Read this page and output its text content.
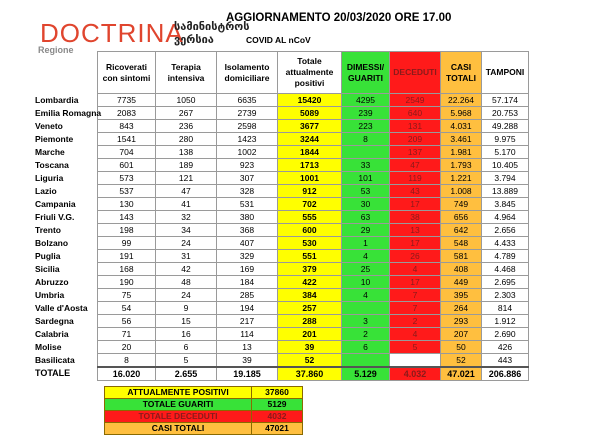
DOCTRINA
სამინისტროს
ვერსია
AGGIORNAMENTO 20/03/2020 ORE 17.00
COVID AL nCoV
Regione
	Ricoverati con sintomi	Terapia intensiva	Isolamento domiciliare	Totale attualmente positivi	DIMESSI/ GUARITI	DECEDUTI	CASI TOTALI	TAMPONI

Lombardia	7735	1050	6635	15420	4295	2549	22.264	57.174

Emilia Romagna	2083	267	2739	5089	239	640	5.968	20.753

Veneto	843	236	2598	3677	223	131	4.031	49.288

Piemonte	1541	280	1423	3244	8	209	3.461	9.975

Marche	704	138	1002	1844		137	1.981	5.170

Toscana	601	189	923	1713	33	47	1.793	10.405

Liguria	573	121	307	1001	101	119	1.221	3.794

Lazio	537	47	328	912	53	43	1.008	13.889

Campania	130	41	531	702	30	17	749	3.845

Friuli V.G.	143	32	380	555	63	38	656	4.964

Trento	198	34	368	600	29	13	642	2.656

Bolzano	99	24	407	530	1	17	548	4.433

Puglia	191	31	329	551	4	26	581	4.789

Sicilia	168	42	169	379	25	4	408	4.468

Abruzzo	190	48	184	422	10	17	449	2.695

Umbria	75	24	285	384	4	7	395	2.303

Valle d'Aosta	54	9	194	257		7	264	814

Sardegna	56	15	217	288	3	2	293	1.912

Calabria	71	16	114	201	2	4	207	2.690

Molise	20	6	13	39	6	5	50	426

Basilicata	8	5	39	52			52	443

TOTALE	16.020	2.655	19.185	37.860	5.129	4.032	47.021	206.886
ATTUALMENTE POSITIVI	37860
TOTALE GUARITI	5129
TOTALE DECEDUTI	4032
CASI TOTALI	47021
